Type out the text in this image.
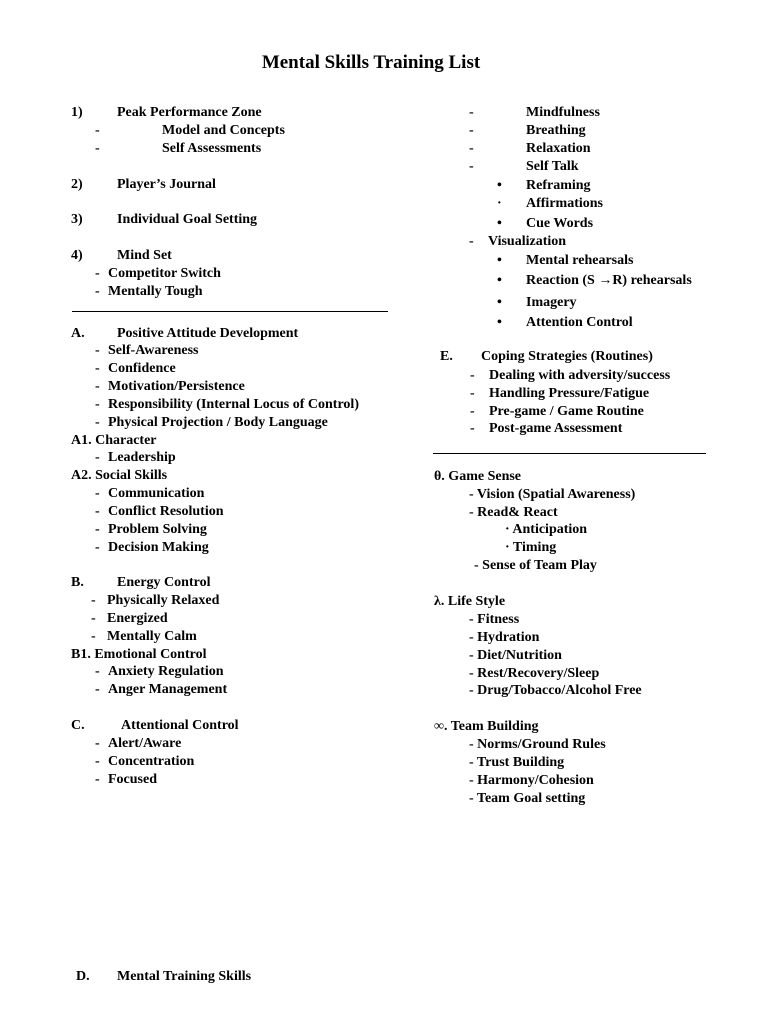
Mental Skills Training List
1) Peak Performance Zone
-	Model and Concepts
-	Self Assessments
2) Player’s Journal
3) Individual Goal Setting
4) Mind Set
- Competitor Switch
- Mentally Tough
A. Positive Attitude Development
- Self-Awareness
- Confidence
- Motivation/Persistence
- Responsibility (Internal Locus of Control)
- Physical Projection / Body Language
A1. Character
- Leadership
A2. Social Skills
- Communication
- Conflict Resolution
- Problem Solving
- Decision Making
B. Energy Control
- Physically Relaxed
- Energized
- Mentally Calm
B1. Emotional Control
- Anxiety Regulation
- Anger Management
C.	Attentional Control
- Alert/Aware
- Concentration
- Focused
D. Mental Training Skills
-	Mindfulness
-	Breathing
-	Relaxation
-	Self Talk
• Reframing
· Affirmations
• Cue Words
- Visualization
• Mental rehearsals
• Reaction (S →R) rehearsals
• Imagery
• Attention Control
E. Coping Strategies (Routines)
- Dealing with adversity/success
- Handling Pressure/Fatigue
- Pre-game / Game Routine
- Post-game Assessment
θ. Game Sense
- Vision (Spatial Awareness)
- Read& React
· Anticipation
· Timing
- Sense of Team Play
λ. Life Style
- Fitness
- Hydration
- Diet/Nutrition
- Rest/Recovery/Sleep
- Drug/Tobacco/Alcohol Free
∞. Team Building
- Norms/Ground Rules
- Trust Building
- Harmony/Cohesion
- Team Goal setting
